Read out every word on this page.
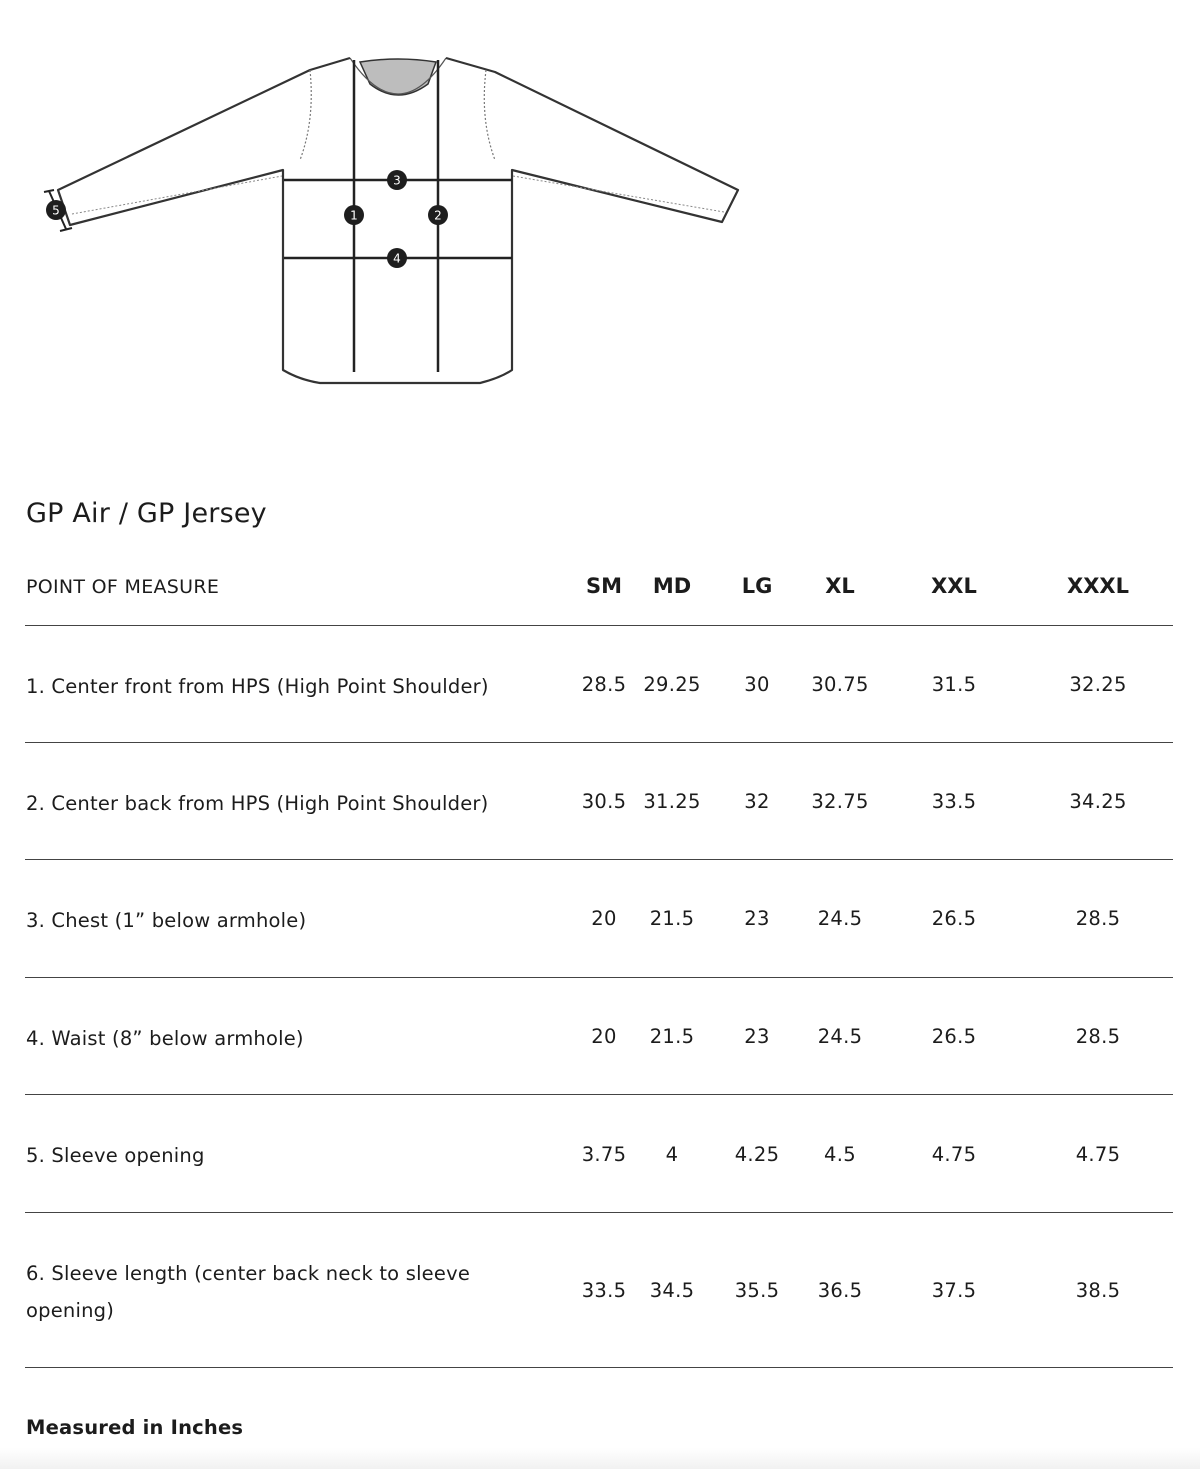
1	2
3
4
5
GP Air / GP Jersey
POINT OF MEASURE	SM MD LG	XL	XXL	XXXL
1. Center front from HPS (High Point Shoulder)	28.5 29.25 30 30.75	31.5	32.25
2. Center back from HPS (High Point Shoulder)	30.5 31.25 32 32.75	33.5	34.25
3. Chest (1” below armhole)	20 21.5	23 24.5	26.5	28.5
4. Waist (8” below armhole)	20 21.5	23 24.5	26.5	28.5
5. Sleeve opening	3.75 4	4.25 4.5	4.75	4.75
6. Sleeve length (center back neck to sleeve opening)
33.5 34.5 35.5 36.5	37.5	38.5
Measured in Inches
